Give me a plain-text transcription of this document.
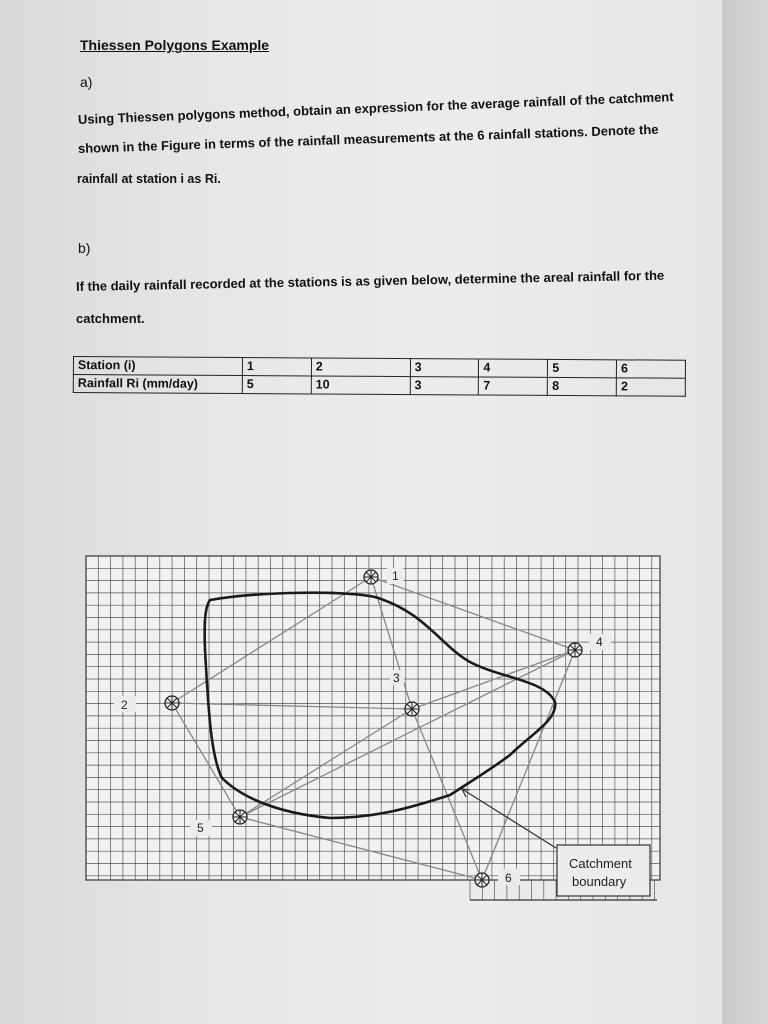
Thiessen Polygons Example
a)
Using Thiessen polygons method, obtain an expression for the average rainfall of the catchment
shown in the Figure in terms of the rainfall measurements at the 6 rainfall stations. Denote the
rainfall at station i as Ri.
b)
If the daily rainfall recorded at the stations is as given below, determine the areal rainfall for the
catchment.
Station (i)	1	2	3	4	5	6
Rainfall Ri (mm/day)	5	10	3	7	8	2
1
2
3
4
5
6
Catchment
boundary
